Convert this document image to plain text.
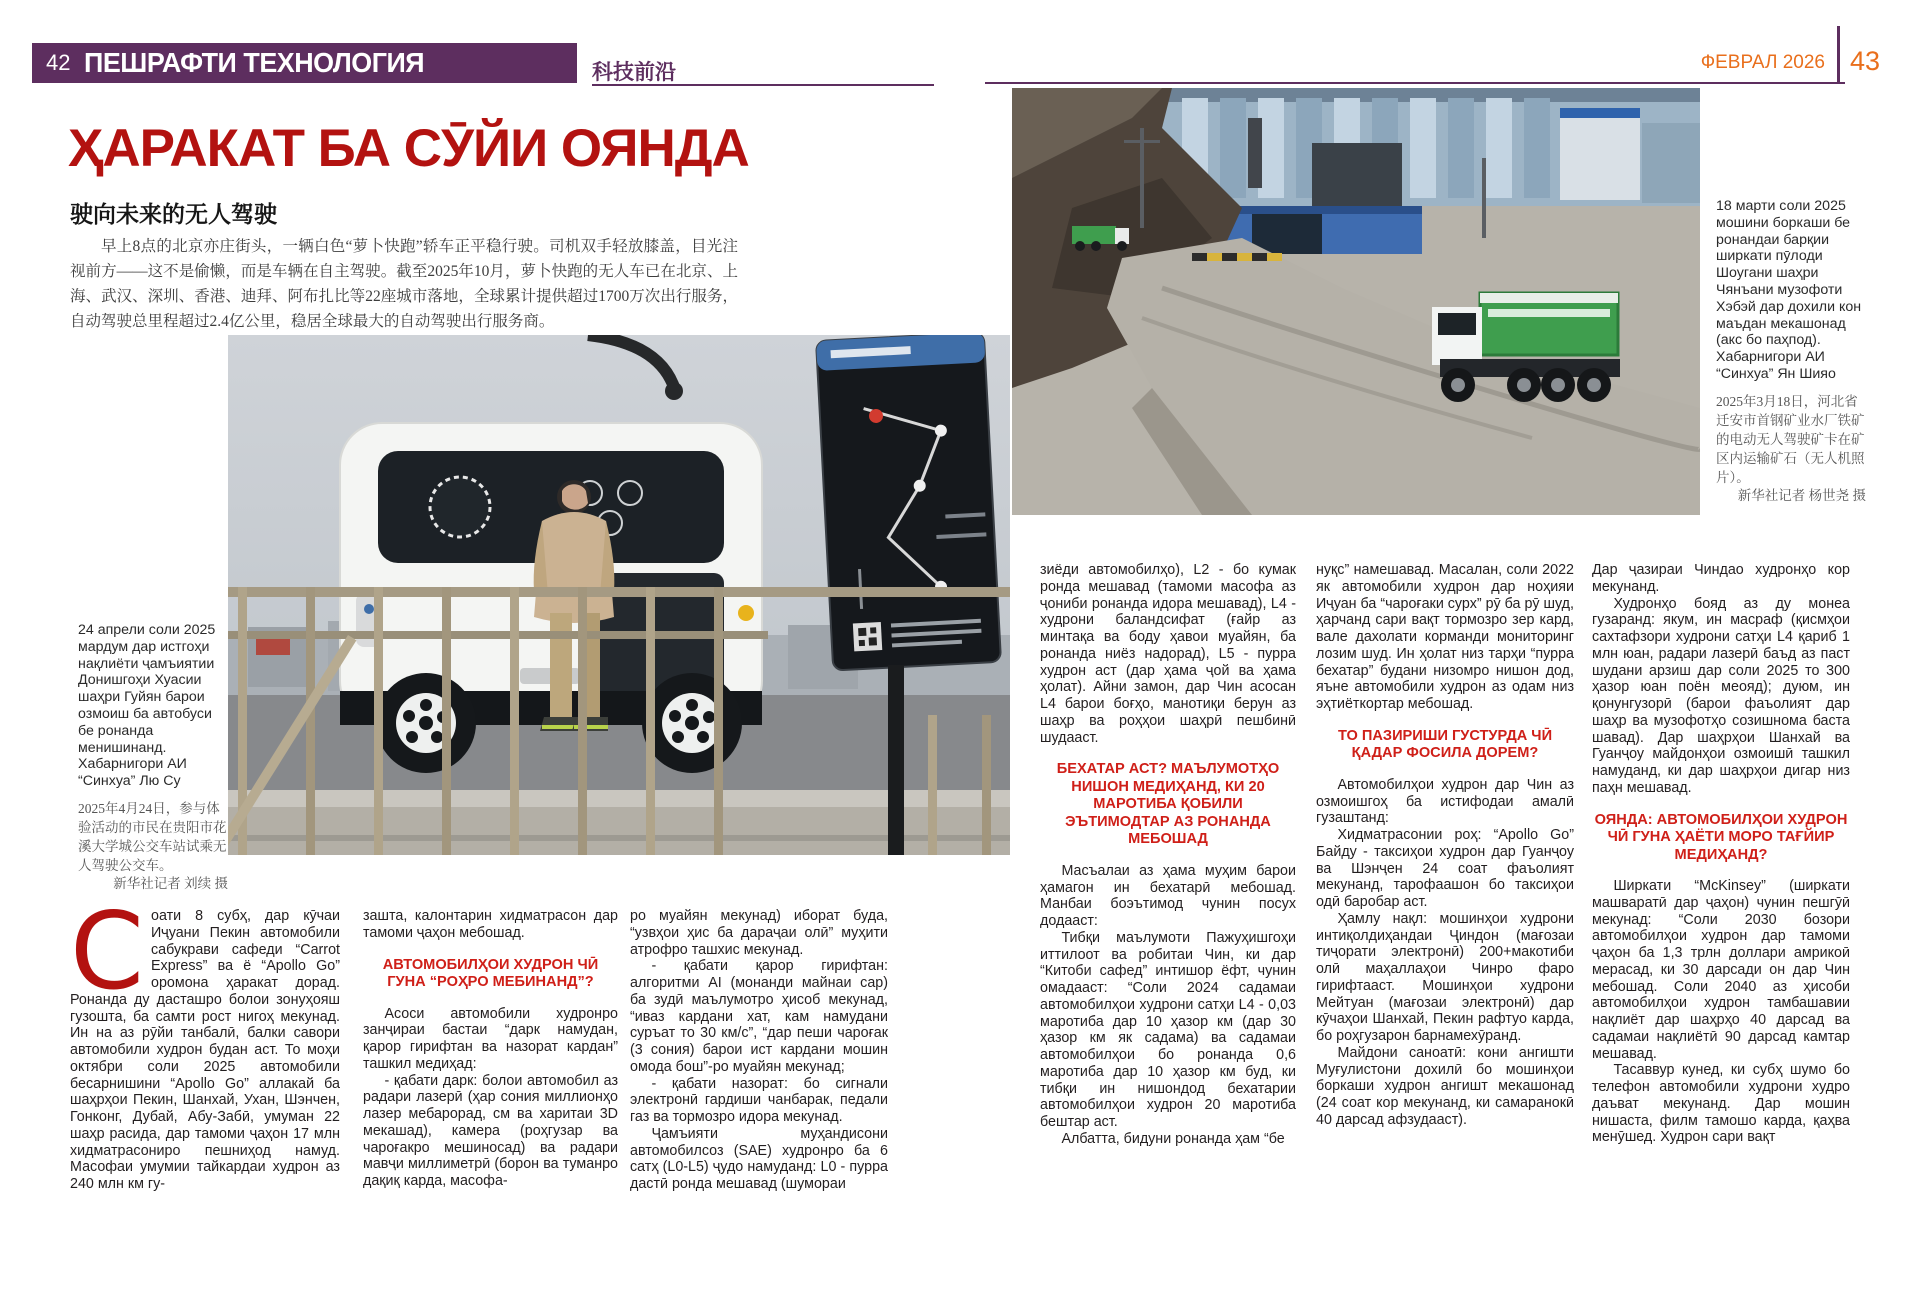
42 ПЕШРАФТИ ТЕХНОЛОГИЯ	科技前沿	ФЕВРАЛ 2026 43
ҲАРАКАТ БА СӮЙИ ОЯНДА
驶向未来的无人驾驶

早上8点的北京亦庄街头，一辆白色“萝卜快跑”轿车正平稳行驶。司机双手轻放膝盖，目光注视前方——这不是偷懒，而是车辆在自主驾驶。截至2025年10月，萝卜快跑的无人车已在北京、上海、武汉、深圳、香港、迪拜、阿布扎比等22座城市落地，全球累计提供超过1700万次出行服务，自动驾驶总里程超过2.4亿公里，稳居全球最大的自动驾驶出行服务商。

24 апрели соли 2025 мардум дар истгоҳи нақлиёти ҷамъиятии Донишгоҳи Хуасии шаҳри Гуйян барои озмоиш ба автобуси бе ронанда менишинанд. Хабарнигори АИ “Синхуа” Лю Су
2025年4月24日，参与体验活动的市民在贵阳市花溪大学城公交车站试乘无人驾驶公交车。
新华社记者 刘续 摄
18 марти соли 2025 мошини боркаши бе ронандаи барқии ширкати пӯлоди Шоугани шаҳри Чянъани музофоти Хэбэй дар дохили кон маъдан мекашонад (акс бо паҳпод). Хабарнигори АИ “Синхуа” Ян Шияо
2025年3月18日，河北省迁安市首钢矿业水厂铁矿的电动无人驾驶矿卡在矿区内运输矿石（无人机照片）。
新华社记者 杨世尧 摄

Соати 8 субҳ, дар кӯчаи Иҷуани Пекин автомобили сабукрави сафеди “Carrot Express” ва ё “Apollo Go” оромона ҳаракат дорад. Ронанда ду дасташро болои зонуҳояш гузошта, ба самти рост нигоҳ мекунад. Ин на аз рӯйи танбалӣ, балки савори автомобили худрон будан аст. То моҳи октябри соли 2025 автомобили бесарнишини “Apollo Go” аллакай ба шаҳрҳои Пекин, Шанхай, Ухан, Шэнчен, Гонконг, Дубай, Абу-Забӣ, умуман 22 шаҳр расида, дар тамоми ҷаҳон 17 млн хидматрасониро пешниҳод намуд. Масофаи умумии тайкардаи худрон аз 240 млн км гу-

зашта, калонтарин хидматрасон дар тамоми ҷаҳон мебошад.

АВТОМОБИЛҲОИ ХУДРОН ЧӢ ГУНА “РОҲРО МЕБИНАНД”?

Асоси автомобили худронро занҷираи бастаи “дарк намудан, қарор гирифтан ва назорат кардан” ташкил медиҳад:

- қабати дарк: болои автомобил аз радари лазерӣ (ҳар сония миллионҳо лазер мебарорад, см ва харитаи 3D мекашад), камера (роҳгузар ва чароғакро мешиносад) ва радари мавҷи миллиметрӣ (борон ва туманро дақиқ карда, масофа-

ро муайян мекунад) иборат буда, “узвҳои ҳис ба дараҷаи олӣ” муҳити атрофро ташхис мекунад.

- қабати қарор гирифтан: алгоритми AI (монанди майнаи сар) ба зудӣ маълумотро ҳисоб мекунад, “иваз кардани хат, кам намудани суръат то 30 км/с”, “дар пеши чароғак (3 сония) барои ист кардани мошин омода бош”-ро муайян мекунад;

- қабати назорат: бо сигнали электронӣ гардиши чанбарак, педали газ ва тормозро идора мекунад.

Ҷамъияти муҳандисони автомобилсоз (SAE) худронро ба 6 сатҳ (L0-L5) ҷудо намуданд: L0 - пурра дастӣ ронда мешавад (шумораи

зиёди автомобилҳо), L2 - бо кумак ронда мешавад (тамоми масофа аз ҷониби ронанда идора мешавад), L4 - худрони баландсифат (ғайр аз минтақа ва боду ҳавои муайян, ба ронанда ниёз надорад), L5 - пурра худрон аст (дар ҳама ҷой ва ҳама ҳолат). Айни замон, дар Чин асосан L4 барои боғҳо, манотиқи берун аз шаҳр ва роҳҳои шаҳрӣ пешбинӣ шудааст.

БЕХАТАР АСТ? МАЪЛУМОТҲО НИШОН МЕДИҲАНД, КИ 20 МАРОТИБА ҚОБИЛИ ЭЪТИМОДТАР АЗ РОНАНДА МЕБОШАД

Масъалаи аз ҳама муҳим барои ҳамагон ин бехатарӣ мебошад. Манбаи боэътимод чунин посух додааст:

Тибқи маълумоти Пажуҳишгоҳи иттилоот ва робитаи Чин, ки дар “Китоби сафед” интишор ёфт, чунин омадааст: “Соли 2024 садамаи автомобилҳои худрони сатҳи L4 - 0,03 маротиба дар 10 ҳазор км (дар 30 ҳазор км як садама) ва садамаи автомобилҳои бо ронанда 0,6 маротиба дар 10 ҳазор км буд, ки тибқи ин нишондод бехатарии автомобилҳои худрон 20 маротиба бештар аст.

Албатта, бидуни ронанда ҳам “бе

нуқс” намешавад. Масалан, соли 2022 як автомобили худрон дар ноҳияи Иҷуан ба “чароғаки сурх” рӯ ба рӯ шуд, ҳарчанд сари вақт тормозро зер кард, вале дахолати корманди мониторинг лозим шуд. Ин ҳолат низ тарҳи “пурра бехатар” будани низомро нишон дод, яъне автомобили худрон аз одам низ эҳтиёткортар мебошад.

ТО ПАЗИРИШИ ГУСТУРДА ЧӢ ҚАДАР ФОСИЛА ДОРЕМ?

Автомобилҳои худрон дар Чин аз озмоишгоҳ ба истифодаи амалӣ гузаштанд:

Хидматрасонии роҳ: “Apollo Go” Байду - таксиҳои худрон дар Гуанҷоу ва Шэнҷен 24 соат фаъолият мекунанд, тарофаашон бо таксиҳои одӣ баробар аст.

Ҳамлу нақл: мошинҳои худрони интиқолдиҳандаи Ҷиндон (мағозаи тиҷорати электронӣ) 200+макотиби олӣ маҳаллаҳои Чинро фаро гирифтааст. Мошинҳои худрони Мейтуан (мағозаи электронӣ) дар кӯчаҳои Шанхай, Пекин рафтуо карда, бо роҳгузарон барнамехӯранд.

Майдони саноатӣ: кони ангишти Муғулистони дохилӣ бо мошинҳои боркаши худрон ангишт мекашонад (24 соат кор мекунанд, ки самаранокӣ 40 дарсад афзудааст).

Дар ҷазираи Чиндао худронҳо кор мекунанд.

Худронҳо бояд аз ду монеа гузаранд: якум, ин масраф (қисмҳои сахтафзори худрони сатҳи L4 қариб 1 млн юан, радари лазерӣ баъд аз паст шудани арзиш дар соли 2025 то 300 ҳазор юан поён меояд); дуюм, ин қонунгузорӣ (барои фаъолият дар шаҳр ва музофотҳо созишнома баста шавад). Дар шаҳрҳои Шанхай ва Гуанҷоу майдонҳои озмоишӣ ташкил намуданд, ки дар шаҳрҳои дигар низ паҳн мешавад.

ОЯНДА: АВТОМОБИЛҲОИ ХУДРОН ЧӢ ГУНА ҲАЁТИ МОРО ТАҒЙИР МЕДИҲАНД?

Ширкати “McKinsey” (ширкати машваратӣ дар ҷаҳон) чунин пешгӯӣ мекунад: “Соли 2030 бозори автомобилҳои худрон дар тамоми ҷаҳон ба 1,3 трлн доллари амрикоӣ мерасад, ки 30 дарсади он дар Чин мебошад. Соли 2040 аз ҳисоби автомобилҳои худрон тамбашавии нақлиёт дар шаҳрҳо 40 дарсад ва садамаи нақлиётӣ 90 дарсад камтар мешавад.

Тасаввур кунед, ки субҳ шумо бо телефон автомобили худрони худро даъват мекунанд. Дар мошин нишаста, филм тамошо карда, қаҳва менӯшед. Худрон сари вақт
